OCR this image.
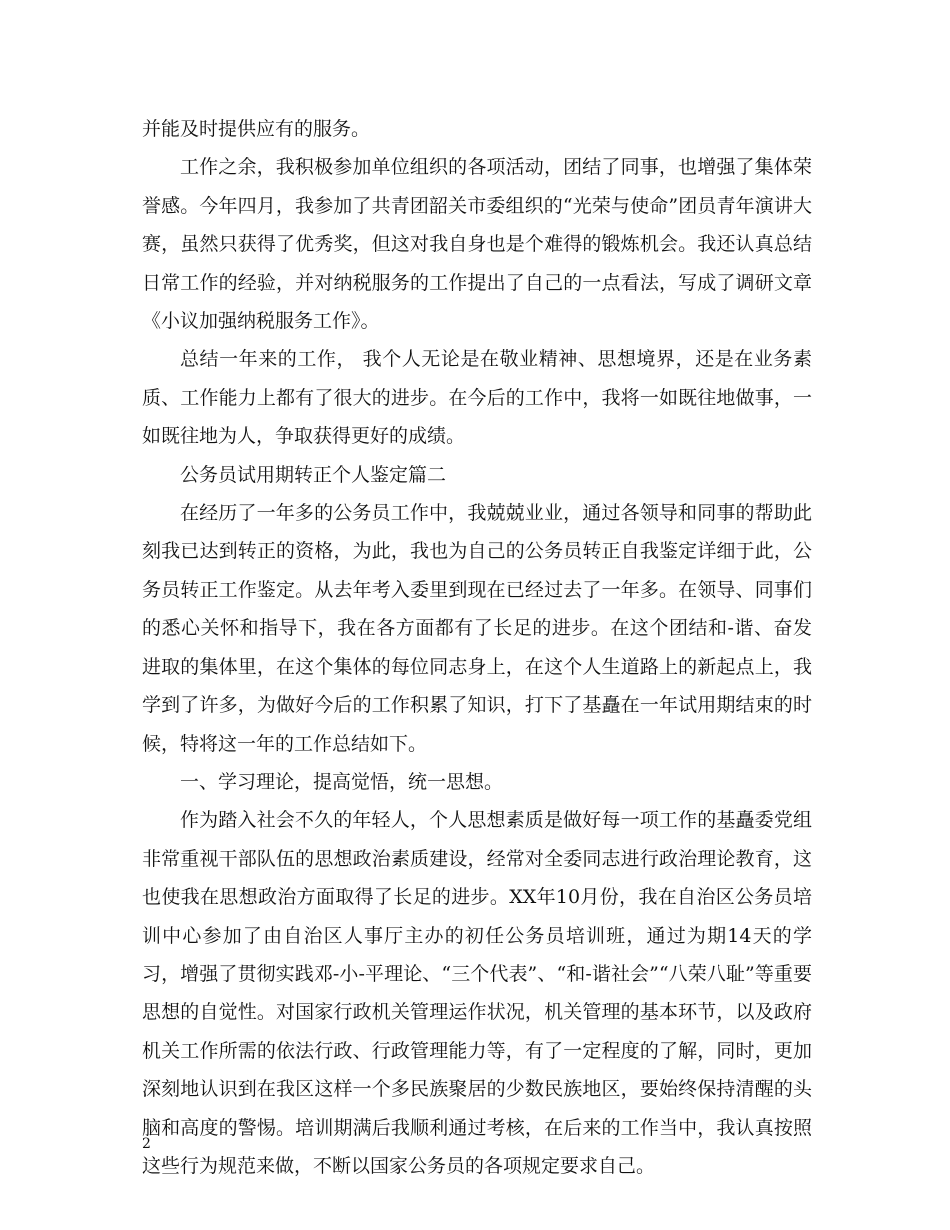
并能及时提供应有的服务。

工作之余，我积极参加单位组织的各项活动，团结了同事，也增强了集体荣誉感。今年四月，我参加了共青团韶关市委组织的“光荣与使命”团员青年演讲大赛，虽然只获得了优秀奖，但这对我自身也是个难得的锻炼机会。我还认真总结日常工作的经验，并对纳税服务的工作提出了自己的一点看法，写成了调研文章《小议加强纳税服务工作》。

总结一年来的工作， 我个人无论是在敬业精神、思想境界，还是在业务素质、工作能力上都有了很大的进步。在今后的工作中，我将一如既往地做事，一如既往地为人，争取获得更好的成绩。

公务员试用期转正个人鉴定篇二

在经历了一年多的公务员工作中，我兢兢业业，通过各领导和同事的帮助此刻我已达到转正的资格，为此，我也为自己的公务员转正自我鉴定详细于此，公务员转正工作鉴定。从去年考入委里到现在已经过去了一年多。在领导、同事们的悉心关怀和指导下，我在各方面都有了长足的进步。在这个团结和-谐、奋发进取的集体里，在这个集体的每位同志身上，在这个人生道路上的新起点上，我学到了许多，为做好今后的工作积累了知识，打下了基矗在一年试用期结束的时候，特将这一年的工作总结如下。

一、学习理论，提高觉悟，统一思想。

作为踏入社会不久的年轻人，个人思想素质是做好每一项工作的基矗委党组非常重视干部队伍的思想政治素质建设，经常对全委同志进行政治理论教育，这也使我在思想政治方面取得了长足的进步。XX年10月份，我在自治区公务员培训中心参加了由自治区人事厅主办的初任公务员培训班，通过为期14天的学习，增强了贯彻实践邓-小-平理论、“三个代表”、“和-谐社会”“八荣八耻”等重要思想的自觉性。对国家行政机关管理运作状况，机关管理的基本环节，以及政府机关工作所需的依法行政、行政管理能力等，有了一定程度的了解，同时，更加深刻地认识到在我区这样一个多民族聚居的少数民族地区，要始终保持清醒的头脑和高度的警惕。培训期满后我顺利通过考核，在后来的工作当中，我认真按照这些行为规范来做，不断以国家公务员的各项规定要求自己。

2
